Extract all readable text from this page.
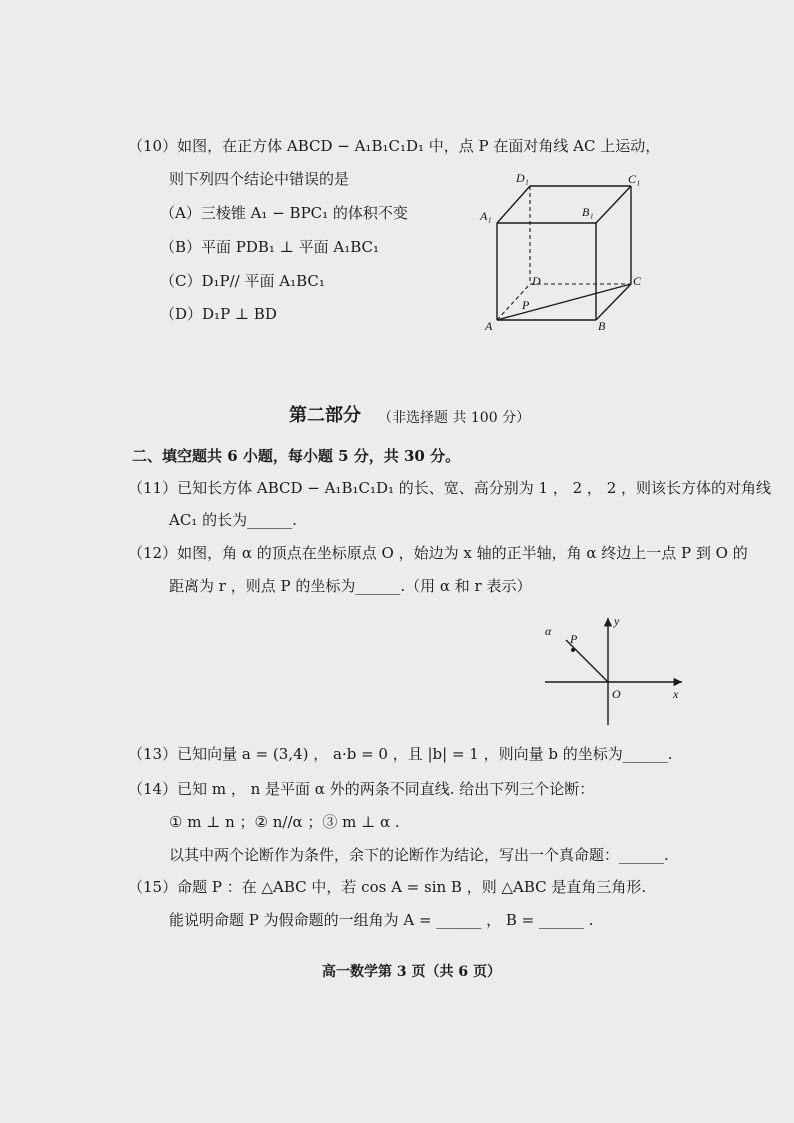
（10）如图，在正方体 ABCD − A₁B₁C₁D₁ 中，点 P 在面对角线 AC 上运动，
则下列四个结论中错误的是
（A）三棱锥 A₁ − BPC₁ 的体积不变
（B）平面 PDB₁ ⊥ 平面 A₁BC₁
（C）D₁P// 平面 A₁BC₁
（D）D₁P ⊥ BD
D₁	C₁
A₁	B₁
D	C
P
A	B
第二部分 （非选择题 共 100 分）
二、填空题共 6 小题，每小题 5 分，共 30 分。
（11）已知长方体 ABCD − A₁B₁C₁D₁ 的长、宽、高分别为 1 ， 2 ， 2 ，则该长方体的对角线
AC₁ 的长为______.
（12）如图，角 α 的顶点在坐标原点 O ，始边为 x 轴的正半轴，角 α 终边上一点 P 到 O 的
距离为 r ，则点 P 的坐标为______.（用 α 和 r 表示）
α
P
y
O	x
（13）已知向量 a = (3,4) ， a·b = 0 ，且 |b| = 1 ，则向量 b 的坐标为______.
（14）已知 m ， n 是平面 α 外的两条不同直线. 给出下列三个论断：
① m ⊥ n ；② n//α ；③ m ⊥ α .
以其中两个论断作为条件，余下的论断作为结论，写出一个真命题：______.
（15）命题 P ：在 △ABC 中，若 cos A = sin B ，则 △ABC 是直角三角形.
能说明命题 P 为假命题的一组角为 A = ______ ， B = ______ .
高一数学第 3 页（共 6 页）
